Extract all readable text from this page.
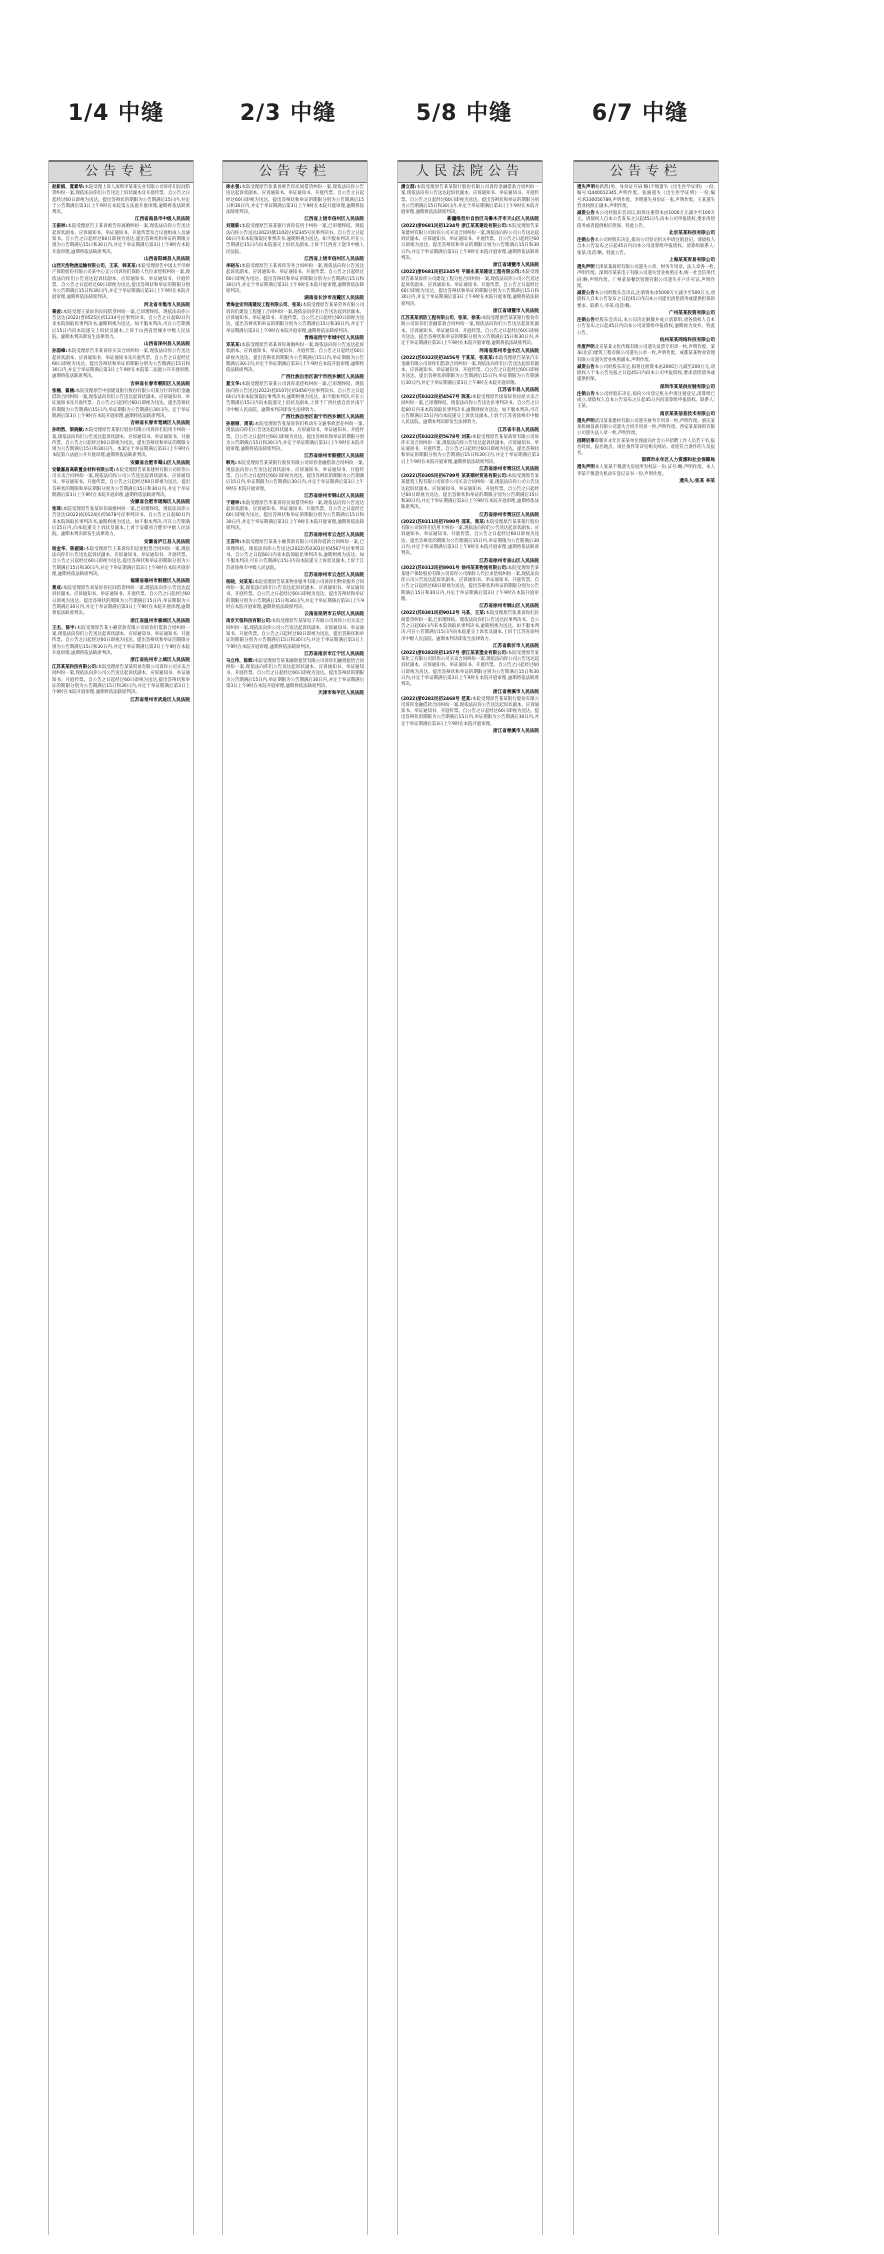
1/4 中缝	2/3 中缝	5/8 中缝	6/7 中缝
公告专栏
赵新娟、夏素华:本院受理上诉人深圳市某某实业有限公司诉你们民间借贷纠纷一案,现依法向你们公告送达上诉状副本及开庭传票。自公告之日起经过60日即视为送达。提出答辩状的期限为公告期满后15日内,并定于公告期满后第3日上午9时在本院第五法庭开庭审理,逾期将依法缺席判决。
江西省南昌市中级人民法院
王振林:本院受理原告王某诉被告你离婚纠纷一案,现依法向你公告送达起诉状副本、应诉通知书、举证通知书、开庭传票及合议庭组成人员通知书。自公告之日起经过60日即视为送达,提出答辩状和举证的期限分别为公告期满后15日和30日内,并定于举证期满后第3日上午9时在本院开庭审理,逾期将依法缺席判决。
山西省阳城县人民法院
山西天浩物流运输有限公司、王某、韩某某:本院受理原告中国太平洋财产保险股份有限公司某中心支公司诉你们保险人代位求偿权纠纷一案,现依法向你们公告送达起诉状副本、应诉通知书、举证通知书、开庭传票。自公告之日起经过60日即视为送达,提出答辩状和举证的期限分别为公告期满后15日和30日内,并定于举证期满后第3日上午9时在本院开庭审理,逾期将依法缺席判决。
河北省辛集市人民法院
秦波:本院受理王某诉你民间借贷纠纷一案,已审理终结。现依法向你公告送达(2022)晋0525民初1234号民事判决书。自公告之日起60日内来本院领取民事判决书,逾期则视为送达。如不服本判决,可在公告期满后15日内向本院递交上诉状及副本,上诉于山西省晋城市中级人民法院。逾期本判决即发生法律效力。
山西省泽州县人民法院
孙国峰:本院受理原告李某诉你买卖合同纠纷一案,现依法向你公告送达起诉状副本、应诉通知书、举证通知书及开庭传票。自公告之日起经过60日即视为送达。提出答辩状和举证的期限分别为公告期满后15日和30日内,并定于举证期满后第3日上午9时在本院第二法庭公开开庭审理,逾期将依法缺席判决。
吉林省长春市朝阳区人民法院
张楠、翟楠:本院受理原告中国建设银行股份有限公司某分行诉你们金融借款合同纠纷一案,现依法向你们公告送达起诉状副本、应诉通知书、举证通知书及开庭传票。自公告之日起经过60日即视为送达。提出答辩状的期限为公告期满后15日内,举证期限为公告期满后30日内。定于举证期满后第3日上午9时在本院开庭审理,逾期将依法缺席判决。
吉林省长春市宽城区人民法院
孙明然、梁晓敏:本院受理原告某银行股份有限公司诉你们信用卡纠纷一案,现依法向你们公告送达起诉状副本、应诉通知书、举证通知书、开庭传票。自公告之日起经过60日即视为送达。提出答辩状和举证的期限分别为公告期满后15日和30日内。本案定于举证期满后第3日上午9时在本院第六法庭公开开庭审理,逾期将依法缺席判决。
安徽省合肥市蜀山区人民法院
安徽嘉昌高新置业材料有限公司:本院受理原告某某建材有限公司诉你公司买卖合同纠纷一案,现依法向你公司公告送达起诉状副本、应诉通知书、举证通知书、开庭传票。自公告之日起经过60日即视为送达。提出答辩状的期限和举证期限分别为公告期满后15日和30日内,并定于举证期满后第3日上午9时在本院开庭审理,逾期将依法缺席判决。
安徽省合肥市瑶海区人民法院
张琦:本院受理原告张某诉你离婚纠纷一案,已审理终结。现依法向你公告送达(2022)皖0124民初5678号民事判决书。自公告之日起60日内来本院领取民事判决书,逾期则视为送达。如不服本判决,可在公告期满后15日内,向本院递交上诉状及副本,上诉于安徽省合肥市中级人民法院。逾期本判决即发生法律效力。
安徽省庐江县人民法院
杨金华、陈淑娟:本院受理原告王某诉你们房屋租赁合同纠纷一案,现依法向你们公告送达起诉状副本、应诉通知书、举证通知书、开庭传票。自公告之日起经过60日即视为送达,提出答辩状和举证的期限分别为公告期满后15日和30日内,并定于举证期满后第3日上午9时在本院开庭审理,逾期将依法缺席判决。
福建省福州市鼓楼区人民法院
黄成:本院受理原告刘某诉你民间借贷纠纷一案,现依法向你公告送达起诉状副本、应诉通知书、举证通知书、开庭传票。自公告之日起经过60日即视为送达。提出答辩状的期限为公告期满后15日内,举证期限为公告期满后30日内,并定于举证期满后第3日上午9时在本院开庭审理,逾期将依法缺席判决。
浙江省温州市鹿城区人民法院
王杰、陈宇:本院受理原告某小额贷款有限公司诉你们借款合同纠纷一案,现依法向你们公告送达起诉状副本、应诉通知书、举证通知书、开庭传票。自公告之日起经过60日即视为送达。提出答辩状和举证的期限分别为公告期满后15日和30日内,并定于举证期满后第3日上午9时在本院开庭审理,逾期将依法缺席判决。
浙江省杭州市上城区人民法院
江苏某某科技有限公司:本院受理原告某某贸易有限公司诉你公司买卖合同纠纷一案,现依法向你公司公告送达起诉状副本、应诉通知书、举证通知书、开庭传票。自公告之日起经过60日即视为送达,提出答辩状和举证的期限分别为公告期满后15日和30日内,并定于举证期满后第3日上午9时在本院开庭审理,逾期将依法缺席判决。
江苏省常州市武进区人民法院
公告专栏
徐永强:本院受理原告张某诉被告你民间借贷纠纷一案,现依法向你公告送达起诉状副本、应诉通知书、举证通知书、开庭传票。自公告之日起经过60日即视为送达。提出答辩状和举证的期限分别为公告期满后15日和30日内,并定于举证期满后第3日上午9时在本院开庭审理,逾期将依法缺席判决。
江西省上饶市信州区人民法院
刘建新:本院受理原告某某银行诉你信用卡纠纷一案,已审理终结。现依法向你公告送达(2022)赣1102民初2345号民事判决书。自公告之日起60日内来本院领取民事判决书,逾期则视为送达。如不服本判决,可在公告期满后15日内向本院递交上诉状及副本,上诉于江西省上饶市中级人民法院。
江西省上饶市信州区人民法院
李晓东:本院受理原告王某诉你劳务合同纠纷一案,现依法向你公告送达起诉状副本、应诉通知书、举证通知书、开庭传票。自公告之日起经过60日即视为送达。提出答辩状和举证的期限分别为公告期满后15日和30日内,并定于举证期满后第3日上午9时在本院开庭审理,逾期将依法缺席判决。
湖南省长沙市岳麓区人民法院
青海金安河南建设工程有限公司、张某:本院受理原告某某劳务有限公司诉你们建设工程施工合同纠纷一案,现依法向你们公告送达起诉状副本、应诉通知书、举证通知书、开庭传票。自公告之日起经过60日即视为送达。提出答辩状和举证的期限分别为公告期满后15日和30日内,并定于举证期满后第3日上午9时在本院开庭审理,逾期将依法缺席判决。
青海省西宁市城中区人民法院
邓某某:本院受理原告邓某诉你离婚纠纷一案,现依法向你公告送达起诉状副本、应诉通知书、举证通知书、开庭传票。自公告之日起经过60日即视为送达。提出答辩状的期限为公告期满后15日内,举证期限为公告期满后30日内,并定于举证期满后第3日上午9时在本院开庭审理,逾期将依法缺席判决。
广西壮族自治区南宁市西乡塘区人民法院
夏文华:本院受理原告某某公司诉你追偿权纠纷一案,已审理终结。现依法向你公告送达(2022)桂0107民初3456号民事判决书。自公告之日起60日内来本院领取民事判决书,逾期则视为送达。如不服本判决,可在公告期满后15日内向本院递交上诉状及副本,上诉于广西壮族自治区南宁市中级人民法院。逾期本判决即发生法律效力。
广西壮族自治区南宁市西乡塘区人民法院
孙丽丽、周某:本院受理原告张某诉你们机动车交通事故责任纠纷一案,现依法向你们公告送达起诉状副本、应诉通知书、举证通知书、开庭传票。自公告之日起经过60日即视为送达。提出答辩状和举证的期限分别为公告期满后15日和30日内,并定于举证期满后第3日上午9时在本院开庭审理,逾期将依法缺席判决。
江苏省徐州市鼓楼区人民法院
韩光:本院受理原告某某银行股份有限公司诉你金融借款合同纠纷一案,现依法向你公告送达起诉状副本、应诉通知书、举证通知书、开庭传票。自公告之日起经过60日即视为送达。提出答辩状的期限为公告期满后15日内,举证期限为公告期满后30日内,并定于举证期满后第3日上午9时在本院开庭审理。
江苏省徐州市铜山区人民法院
于建坤:本院受理原告李某诉你民间借贷纠纷一案,现依法向你公告送达起诉状副本、应诉通知书、举证通知书、开庭传票。自公告之日起经过60日即视为送达。提出答辩状和举证的期限分别为公告期满后15日和30日内,并定于举证期满后第3日上午9时在本院开庭审理,逾期将依法缺席判决。
江苏省徐州市云龙区人民法院
王荟玲:本院受理原告某某小额贷款有限公司诉你借款合同纠纷一案,已审理终结。现依法向你公告送达(2022)苏0303民初4567号民事判决书。自公告之日起60日内来本院领取民事判决书,逾期则视为送达。如不服本判决,可在公告期满后15日内向本院递交上诉状及副本,上诉于江苏省徐州市中级人民法院。
江苏省徐州市云龙区人民法院
杨晓、刘某某:本院受理原告某某物业服务有限公司诉你们物业服务合同纠纷一案,现依法向你们公告送达起诉状副本、应诉通知书、举证通知书、开庭传票。自公告之日起经过60日即视为送达。提出答辩状和举证的期限分别为公告期满后15日和30日内,并定于举证期满后第3日上午9时在本院开庭审理,逾期将依法缺席判决。
云南省昆明市五华区人民法院
南京天恒科技有限公司:本院受理原告某某电子有限公司诉你公司买卖合同纠纷一案,现依法向你公司公告送达起诉状副本、应诉通知书、举证通知书、开庭传票。自公告之日起经过60日即视为送达。提出答辩状和举证的期限分别为公告期满后15日和30日内,并定于举证期满后第3日上午9时在本院开庭审理,逾期将依法缺席判决。
江苏省南京市江宁区人民法院
马立伟、陈辉:本院受理原告某某融资租赁有限公司诉你们融资租赁合同纠纷一案,现依法向你们公告送达起诉状副本、应诉通知书、举证通知书、开庭传票。自公告之日起经过60日即视为送达。提出答辩状的期限为公告期满后15日内,举证期限为公告期满后30日内,并定于举证期满后第3日上午9时在本院开庭审理,逾期将依法缺席判决。
天津市和平区人民法院
人民法院公告
潘立群:本院受理原告某某银行股份有限公司诉你金融借款合同纠纷一案,现依法向你公告送达起诉状副本、应诉通知书、举证通知书、开庭传票。自公告之日起经过60日即视为送达。提出答辩状和举证的期限分别为公告期满后15日和30日内,并定于举证期满后第3日上午9时在本院开庭审理,逾期将依法缺席判决。
新疆维吾尔自治区乌鲁木齐市天山区人民法院
(2022)浙0681民初1234号 浙江某某建设有限公司:本院受理原告某某建材有限公司诉你公司买卖合同纠纷一案,现依法向你公司公告送达起诉状副本、应诉通知书、举证通知书、开庭传票。自公告之日起经过60日即视为送达。提出答辩状和举证的期限分别为公告期满后15日和30日内,并定于举证期满后第3日上午9时在本院开庭审理,逾期将依法缺席判决。
浙江省诸暨市人民法院
(2022)浙0681民初2345号 平湖永某某建设工程有限公司:本院受理原告陈某诉你公司建设工程分包合同纠纷一案,现依法向你公司公告送达起诉状副本、应诉通知书、举证通知书、开庭传票。自公告之日起经过60日即视为送达。提出答辩状和举证的期限分别为公告期满后15日和30日内,并定于举证期满后第3日上午9时在本院开庭审理,逾期将依法缺席判决。
浙江省诸暨市人民法院
江苏某某消防工程有限公司、张某、徐某:本院受理原告某某银行股份有限公司诉你们金融借款合同纠纷一案,现依法向你们公告送达起诉状副本、应诉通知书、举证通知书、开庭传票。自公告之日起经过60日即视为送达。提出答辩状和举证的期限分别为公告期满后15日和30日内,并定于举证期满后第3日上午9时在本院开庭审理,逾期将依法缺席判决。
河南省郑州市金水区人民法院
(2022)苏0322民初3456号 于某某、张某某:本院受理原告某某汽车金融有限公司诉你们借款合同纠纷一案,现依法向你们公告送达起诉状副本、应诉通知书、举证通知书、开庭传票。自公告之日起经过60日即视为送达。提出答辩状的期限为公告期满后15日内,举证期限为公告期满后30日内,并定于举证期满后第3日上午9时在本院开庭审理。
江苏省丰县人民法院
(2022)苏0322民初4567号 陈某:本院受理原告徐某诉你房屋买卖合同纠纷一案,已审理终结。现依法向你公告送达民事判决书。自公告之日起60日内来本院领取民事判决书,逾期则视为送达。如不服本判决,可在公告期满后15日内向本院递交上诉状及副本,上诉于江苏省徐州市中级人民法院。逾期本判决即发生法律效力。
江苏省丰县人民法院
(2022)苏0322民初5678号 刘某:本院受理原告某某商贸有限公司诉你买卖合同纠纷一案,现依法向你公告送达起诉状副本、应诉通知书、举证通知书、开庭传票。自公告之日起经过60日即视为送达。提出答辩状和举证的期限分别为公告期满后15日和30日内,并定于举证期满后第3日上午9时在本院开庭审理,逾期将依法缺席判决。
江苏省徐州市贾汪区人民法院
(2022)苏0305民初6789号 某某钢材贸易有限公司:本院受理原告某某建筑工程有限公司诉你公司买卖合同纠纷一案,现依法向你公司公告送达起诉状副本、应诉通知书、举证通知书、开庭传票。自公告之日起经过60日即视为送达。提出答辩状和举证的期限分别为公告期满后15日和30日内,并定于举证期满后第3日上午9时在本院开庭审理,逾期将依法缺席判决。
江苏省徐州市贾汪区人民法院
(2022)苏0311民初7890号 邵某、周某:本院受理原告某某银行股份有限公司诉你们信用卡纠纷一案,现依法向你们公告送达起诉状副本、应诉通知书、举证通知书、开庭传票。自公告之日起经过60日即视为送达。提出答辩状的期限为公告期满后15日内,举证期限为公告期满后30日内,并定于举证期满后第3日上午9时在本院开庭审理,逾期将依法缺席判决。
江苏省徐州市泉山区人民法院
(2022)苏0312民初8901号 徐州某某物流有限公司:本院受理原告某某财产保险股份有限公司诉你公司保险人代位求偿权纠纷一案,现依法向你公司公告送达起诉状副本、应诉通知书、举证通知书、开庭传票。自公告之日起经过60日即视为送达。提出答辩状和举证的期限分别为公告期满后15日和30日内,并定于举证期满后第3日上午9时在本院开庭审理。
江苏省徐州市铜山区人民法院
(2022)苏0381民初9012号 马某、王某:本院受理原告张某诉你们民间借贷纠纷一案,已审理终结。现依法向你们公告送达民事判决书。自公告之日起60日内来本院领取民事判决书,逾期则视为送达。如不服本判决,可在公告期满后15日内向本院递交上诉状及副本,上诉于江苏省徐州市中级人民法院。逾期本判决即发生法律效力。
江苏省新沂市人民法院
(2022)浙0282民初1357号 浙江某某塑业有限公司:本院受理原告某某化工有限公司诉你公司买卖合同纠纷一案,现依法向你公司公告送达起诉状副本、应诉通知书、举证通知书、开庭传票。自公告之日起经过60日即视为送达。提出答辩状和举证的期限分别为公告期满后15日和30日内,并定于举证期满后第3日上午9时在本院开庭审理,逾期将依法缺席判决。
浙江省慈溪市人民法院
(2022)浙0282民初2468号 范某:本院受理原告某某银行股份有限公司诉你金融借款合同纠纷一案,现依法向你公告送达起诉状副本、应诉通知书、举证通知书、开庭传票。自公告之日起经过60日即视为送达。提出答辩状的期限为公告期满后15日内,举证期限为公告期满后30日内,并定于举证期满后第3日上午9时在本院开庭审理。
浙江省慈溪市人民法院
公告专栏
遗失声明杨新凯(男、身份证号码:略)不慎遗失《出生医学证明》一份,编号:Q440012345,声明作废。张丽遗失《出生医学证明》一份,编号:R330056789,声明作废。李明遗失身份证一张,声明作废。王某遗失营业执照正副本,声明作废。
减资公告本公司经股东会决议,拟将注册资本由1000万元减少至100万元。请债权人自本公告发布之日起45日内,向本公司申报债权,要求清偿债务或者提供相应担保。特此公告。
北京某某科技有限公司
注销公告本公司经股东决定,拟向公司登记机关申请注销登记。请债权人自本公告发布之日起45日内向本公司清算组申报债权。清算组联系人:张某,电话:略。特此公告。
上海某某贸易有限公司
遗失声明天津某某商贸有限公司遗失公章、财务专用章、法人章各一枚,声明作废。深圳市某某电子有限公司遗失营业执照正本,统一社会信用代码:略,声明作废。广州某某餐饮管理有限公司遗失开户许可证,声明作废。
减资公告本公司经股东会决议,注册资本由5000万元减少至500万元,请债权人自本公告发布之日起45日内向本公司提出清偿债务或提供担保的要求。联系人:李某,电话:略。
广州某某投资有限公司
注销公告经股东会决议,本公司决定解散并成立清算组,请各债权人自本公告发布之日起45日内向本公司清算组申报债权,逾期视为放弃。特此公告。
杭州某某网络科技有限公司
作废声明北京某某文化传媒有限公司遗失发票专用章一枚,声明作废。某某(北京)建筑工程有限公司遗失公章一枚,声明作废。成都某某物业管理有限公司遗失营业执照副本,声明作废。
减资公告本公司经股东决定,拟将注册资本由2000万元减至200万元,请债权人于本公告见报之日起45日内向本公司申报债权,要求清偿债务或提供担保。
深圳市某某供应链有限公司
注销公告本公司经股东决定,拟向公司登记机关申请注销登记,清算组已成立,请债权人自本公告发布之日起45日内向清算组申报债权。联系人:王某。
南京某某信息技术有限公司
遗失声明武汉某某建材有限公司遗失财务专用章一枚,声明作废。重庆某某机械设备有限公司遗失合同专用章一枚,声明作废。西安某某商贸有限公司遗失法人章一枚,声明作废。
招聘启事邯郸市永年区某某单位现面向社会公开招聘工作人员若干名,报名时间、报名地点、岗位条件等详见相关网站。欢迎符合条件的人员报名。
邯郸市永年区人力资源和社会保障局
遗失声明本人张某不慎遗失房屋所有权证一份,证号:略,声明作废。本人李某不慎遗失机动车登记证书一份,声明作废。
遗失人:张某 李某
